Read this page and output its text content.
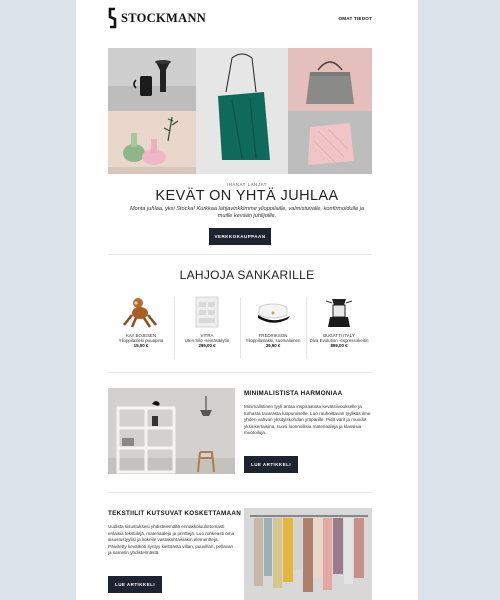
STOCKMANN	OMAT TIEDOT
IHANAT LAHJAT
KEVÄT ON YHTÄ JUHLAA
Monta juhlaa, yksi Stocka! Kurkkaa lahjavinkkimme ylioppilaille, valmistuvalle, konfirmoidulle ja muille kevään juhlijoille.
VERKKOKAUPPAAN
LAHJOJA SANKARILLE
KAY BOJESEN
Ylioppilasleki puuapina
15,00 €
VITRA
Uten.Silo -seinäsäilytin
295,00 €
FREDRIKSON
Ylioppilaslakki, suomalainen
39,90 €
BUGATTI ITALY
Diva Evolution -espressokeitin
899,00 €
MINIMALISTISTA HARMONIAA
Minimalistinen tyyli antaa inspiraatiota kevätsiivoukselle ja turhasta tavarasta luopumiselle. Luo rauhoittavan tyylikäs ilme yhden vahvan yksityiskohdan ympärille. Pidä värit ja muodot yksinkertaisina, suosi luonnollisia materiaaleja ja klassisia muotoiluja.
LUE ARTIKKELI
TEKSTIILIT KUTSUVAT KOSKETTAMAAN
Uudista sisustuksesi yhdistelemällä ennakkoluulottomasti erilaisia tekstiilejä, materiaaleja ja printtejä. Luo rohkeasti oma sisustustyylisi ja kokeile vastakohtaisiakin elementtejä. Päivitetty kevätkoti syntyy kieltoasta villan, puuvillan, pellavan ja sametin yhdistelmästä.
LUE ARTIKKELI
